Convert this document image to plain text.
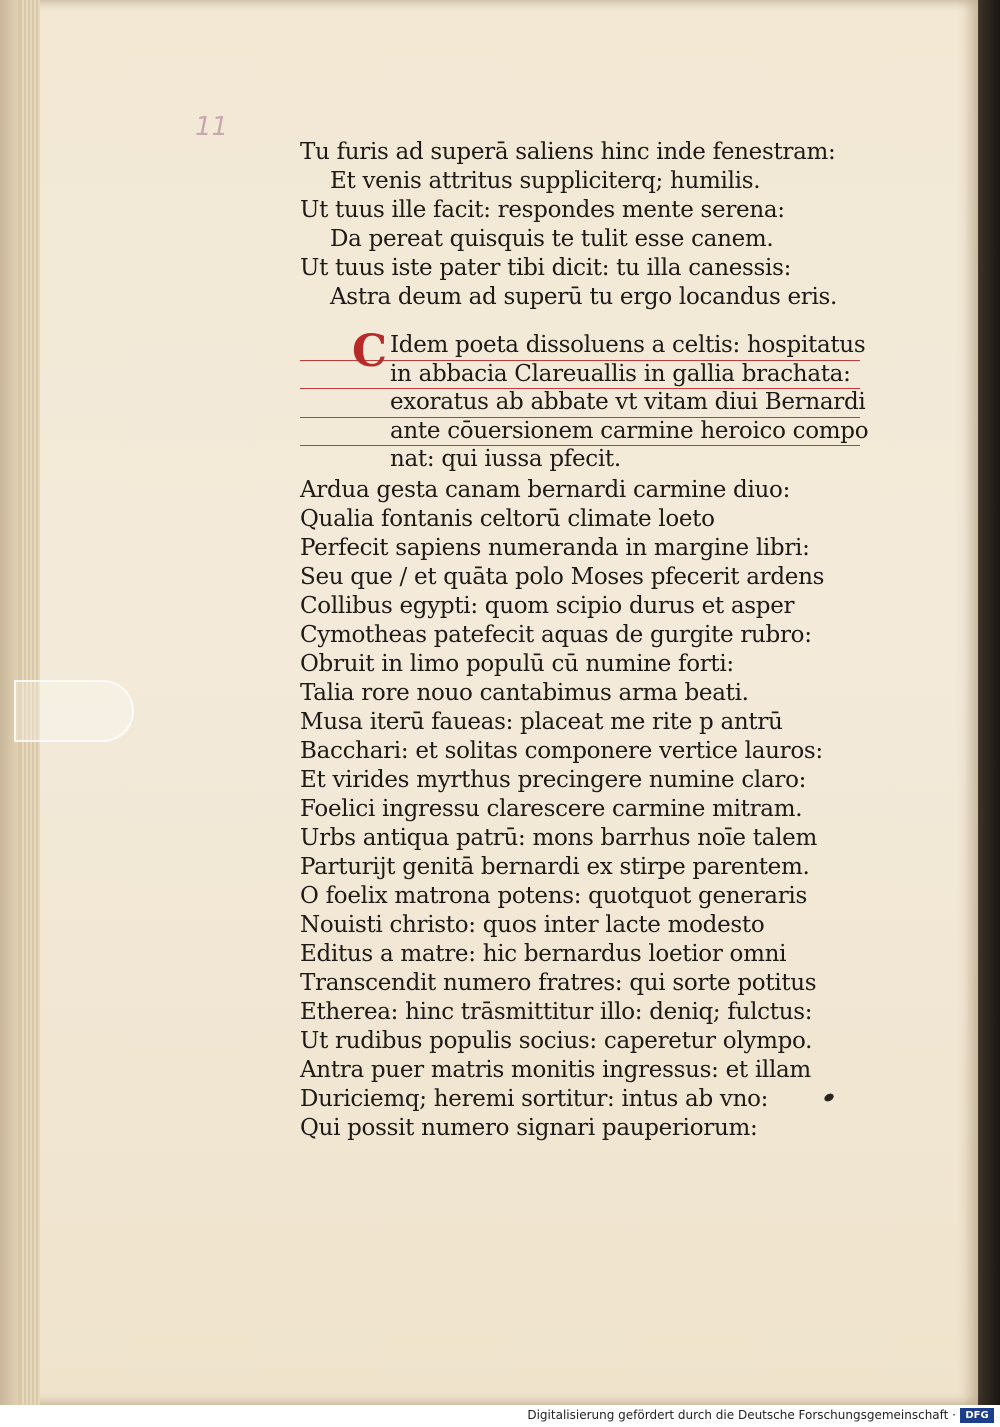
11
Tu furis ad superā saliens hinc inde fenestram:
Et venis attritus suppliciterq; humilis.
Ut tuus ille facit: respondes mente serena:
Da pereat quisquis te tulit esse canem.
Ut tuus iste pater tibi dicit: tu illa canessis:
Astra deum ad superū tu ergo locandus eris.
C Idem poeta dissoluens a celtis: hospitatus
in abbacia Clareuallis in gallia brachata:
exoratus ab abbate vt vitam diui Bernardi
ante cōuersionem carmine heroico compo
nat: qui iussa pfecit.
Ardua gesta canam bernardi carmine diuo:
Qualia fontanis celtorū climate loeto
Perfecit sapiens numeranda in margine libri:
Seu que / et quāta polo Moses pfecerit ardens
Collibus egypti: quom scipio durus et asper
Cymotheas patefecit aquas de gurgite rubro:
Obruit in limo populū cū numine forti:
Talia rore nouo cantabimus arma beati.
Musa iterū faueas: placeat me rite p antrū
Bacchari: et solitas componere vertice lauros:
Et virides myrthus precingere numine claro:
Foelici ingressu clarescere carmine mitram.
Urbs antiqua patrū: mons barrhus noīe talem
Parturijt genitā bernardi ex stirpe parentem.
O foelix matrona potens: quotquot generaris
Nouisti christo: quos inter lacte modesto
Editus a matre: hic bernardus loetior omni
Transcendit numero fratres: qui sorte potitus
Etherea: hinc trāsmittitur illo: deniq; fulctus:
Ut rudibus populis socius: caperetur olympo.
Antra puer matris monitis ingressus: et illam
Duriciemq; heremi sortitur: intus ab vno:
Qui possit numero signari pauperiorum:
Digitalisierung gefördert durch die Deutsche Forschungsgemeinschaft · DFG
